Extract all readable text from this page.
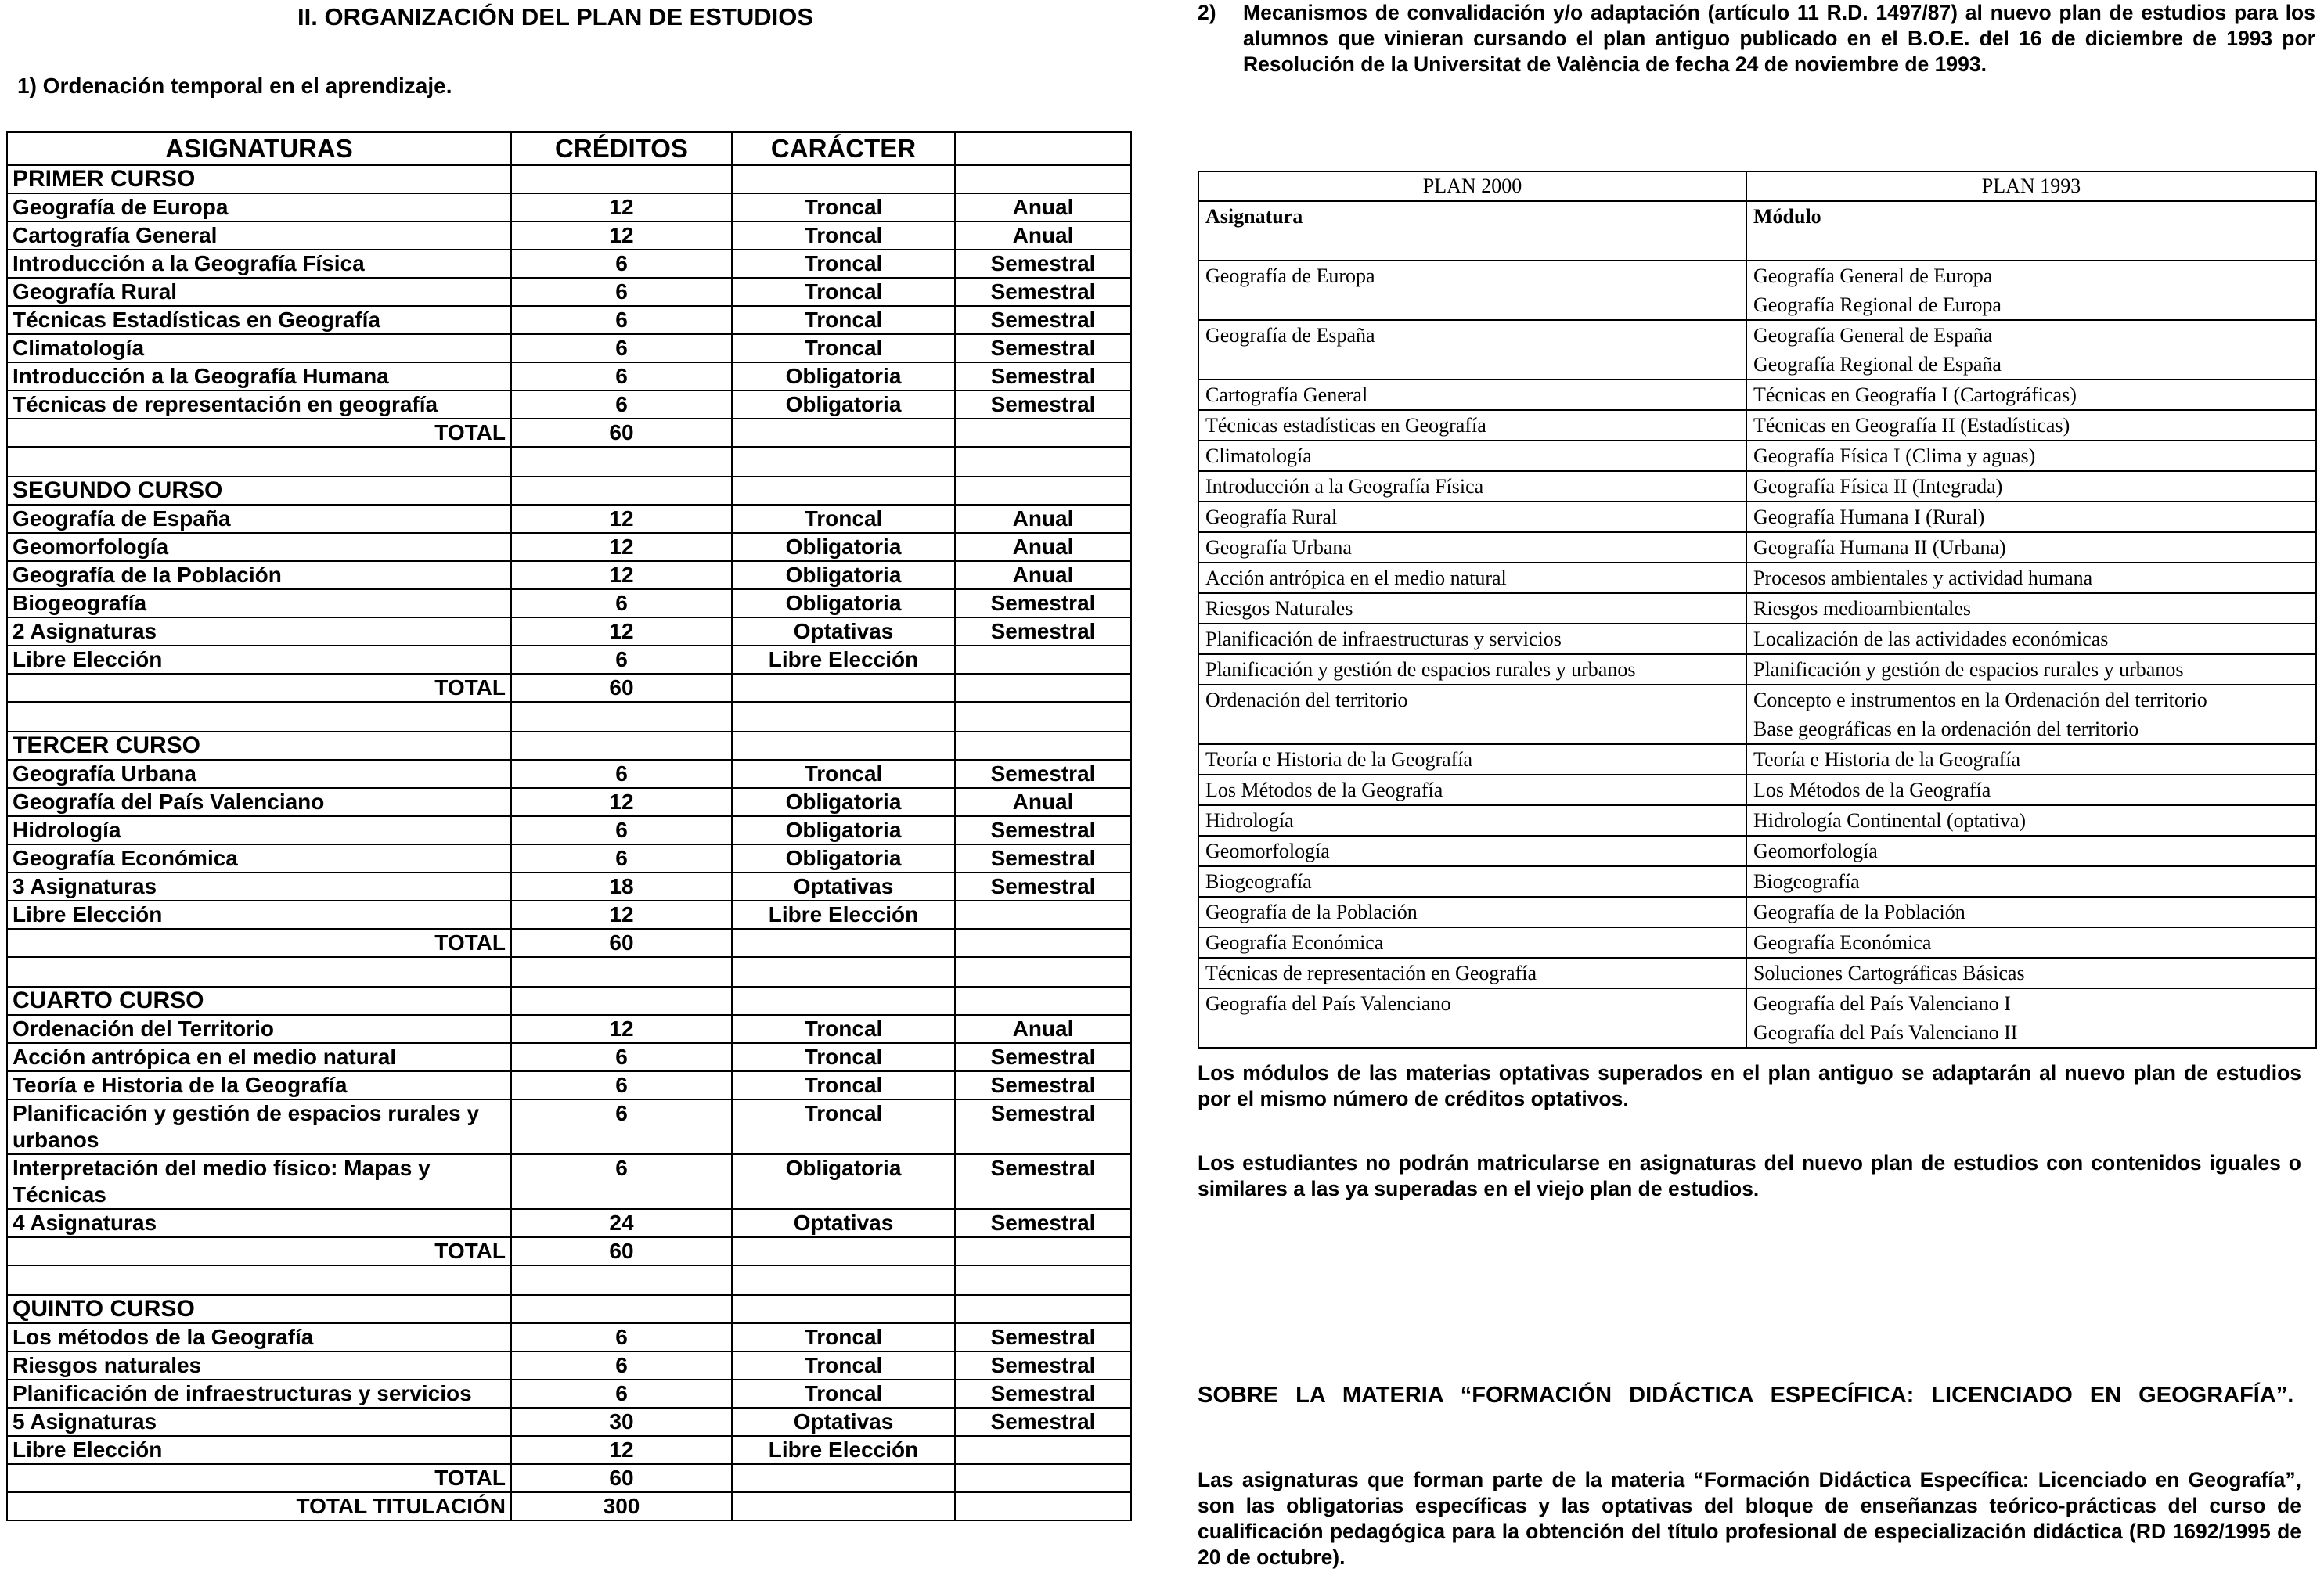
II. ORGANIZACIÓN DEL PLAN DE ESTUDIOS

1) Ordenación temporal en el aprendizaje.

ASIGNATURAS	CRÉDITOS	CARÁCTER	
PRIMER CURSO			
Geografía de Europa	12	Troncal	Anual
Cartografía General	12	Troncal	Anual
Introducción a la Geografía Física	6	Troncal	Semestral
Geografía Rural	6	Troncal	Semestral
Técnicas Estadísticas en Geografía	6	Troncal	Semestral
Climatología	6	Troncal	Semestral
Introducción a la Geografía Humana	6	Obligatoria	Semestral
Técnicas de representación en geografía	6	Obligatoria	Semestral
TOTAL	60		

SEGUNDO CURSO			
Geografía de España	12	Troncal	Anual
Geomorfología	12	Obligatoria	Anual
Geografía de la Población	12	Obligatoria	Anual
Biogeografía	6	Obligatoria	Semestral
2 Asignaturas	12	Optativas	Semestral
Libre Elección	6	Libre Elección	
TOTAL	60		

TERCER CURSO			
Geografía Urbana	6	Troncal	Semestral
Geografía del País Valenciano	12	Obligatoria	Anual
Hidrología	6	Obligatoria	Semestral
Geografía Económica	6	Obligatoria	Semestral
3 Asignaturas	18	Optativas	Semestral
Libre Elección	12	Libre Elección	
TOTAL	60		

CUARTO CURSO			
Ordenación del Territorio	12	Troncal	Anual
Acción antrópica en el medio natural	6	Troncal	Semestral
Teoría e Historia de la Geografía	6	Troncal	Semestral
Planificación y gestión de espacios rurales y urbanos	6	Troncal	Semestral
Interpretación del medio físico: Mapas y Técnicas	6	Obligatoria	Semestral
4 Asignaturas	24	Optativas	Semestral
TOTAL	60		

QUINTO CURSO			
Los métodos de la Geografía	6	Troncal	Semestral
Riesgos naturales	6	Troncal	Semestral
Planificación de infraestructuras y servicios	6	Troncal	Semestral
5 Asignaturas	30	Optativas	Semestral
Libre Elección	12	Libre Elección	
TOTAL	60		
TOTAL TITULACIÓN	300		

2)	Mecanismos de convalidación y/o adaptación (artículo 11 R.D. 1497/87) al nuevo plan de estudios para los alumnos que vinieran cursando el plan antiguo publicado en el B.O.E. del 16 de diciembre de 1993 por Resolución de la Universitat de València de fecha 24 de noviembre de 1993.

PLAN 2000	PLAN 1993
Asignatura	Módulo
Geografía de Europa	Geografía General de Europa
Geografía Regional de Europa

Geografía de España	Geografía General de España
Geografía Regional de España

Cartografía General	Técnicas en Geografía I (Cartográficas)

Técnicas estadísticas en Geografía	Técnicas en Geografía II (Estadísticas)

Climatología	Geografía Física I (Clima y aguas)

Introducción a la Geografía Física	Geografía Física II (Integrada)

Geografía Rural	Geografía Humana I (Rural)

Geografía Urbana	Geografía Humana II (Urbana)

Acción antrópica en el medio natural	Procesos ambientales y actividad humana

Riesgos Naturales	Riesgos medioambientales

Planificación de infraestructuras y servicios	Localización de las actividades económicas

Planificación y gestión de espacios rurales y urbanos	Planificación y gestión de espacios rurales y urbanos

Ordenación del territorio	Concepto e instrumentos en la Ordenación del territorio
Base geográficas en la ordenación del territorio

Teoría e Historia de la Geografía	Teoría e Historia de la Geografía

Los Métodos de la Geografía	Los Métodos de la Geografía

Hidrología	Hidrología Continental (optativa)

Geomorfología	Geomorfología

Biogeografía	Biogeografía

Geografía de la Población	Geografía de la Población

Geografía Económica	Geografía Económica

Técnicas de representación en Geografía	Soluciones Cartográficas Básicas

Geografía del País Valenciano	Geografía del País Valenciano I
Geografía del País Valenciano II

Los módulos de las materias optativas superados en el plan antiguo se adaptarán al nuevo plan de estudios por el mismo número de créditos optativos.

Los estudiantes no podrán matricularse en asignaturas del nuevo plan de estudios con contenidos iguales o similares a las ya superadas en el viejo plan de estudios.

SOBRE LA MATERIA “FORMACIÓN DIDÁCTICA ESPECÍFICA: LICENCIADO EN GEOGRAFÍA”.

Las asignaturas que forman parte de la materia “Formación Didáctica Específica: Licenciado en Geografía”, son las obligatorias específicas y las optativas del bloque de enseñanzas teórico-prácticas del curso de cualificación pedagógica para la obtención del título profesional de especialización didáctica (RD 1692/1995 de 20 de octubre).
